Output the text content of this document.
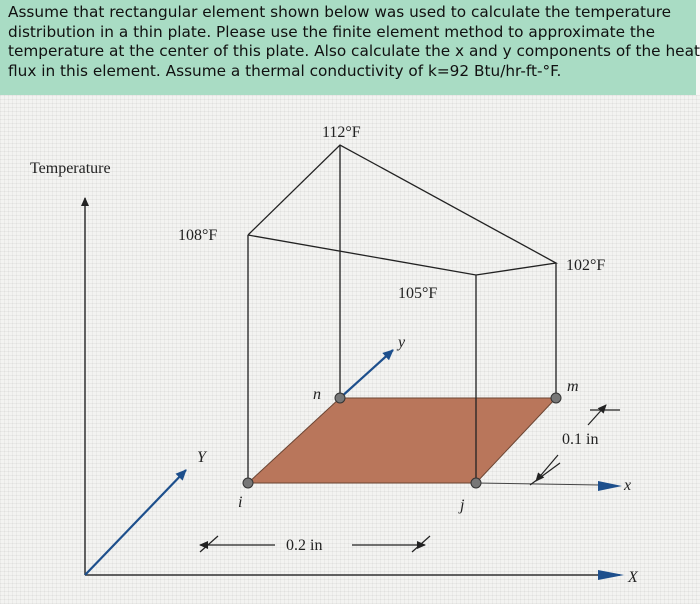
Assume that rectangular element shown below was used to calculate the temperature

distribution in a thin plate. Please use the finite element method to approximate the

temperature at the center of this plate. Also calculate the x and y components of the heat

flux in this element. Assume a thermal conductivity of k=92 Btu/hr-ft-°F.

Temperature
112°F
108°F
102°F
105°F
y
n	m
0.1 in
Y
x
i	j
0.2 in
X
